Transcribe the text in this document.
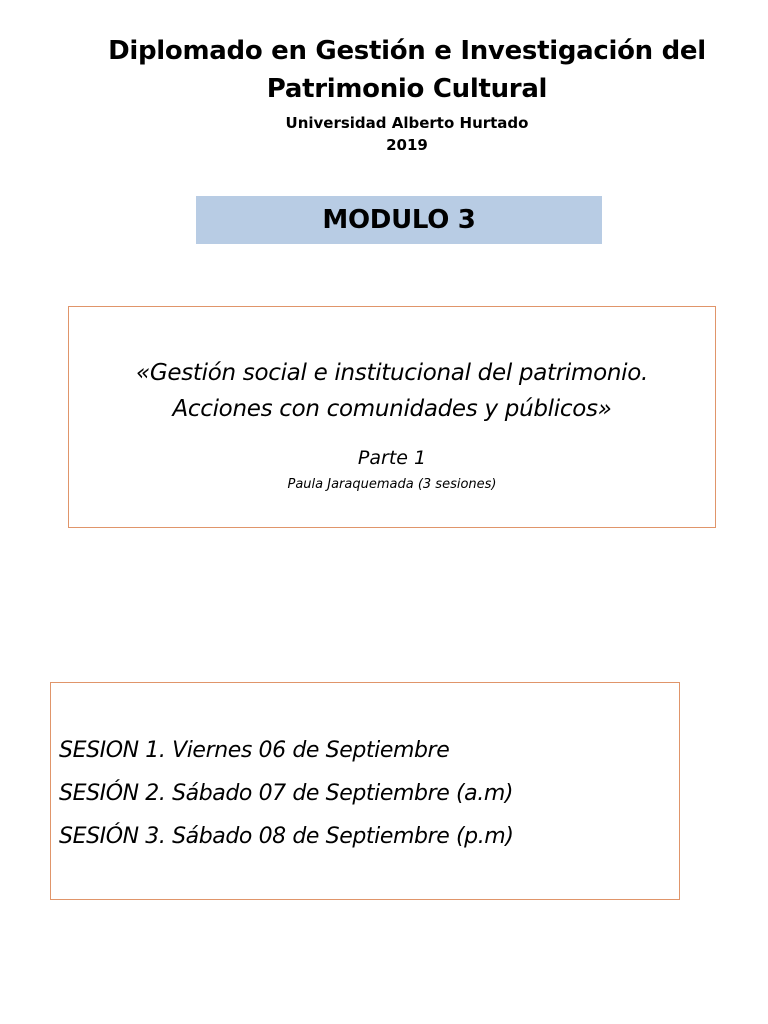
Diplomado en Gestión e Investigación del
Patrimonio Cultural
Universidad Alberto Hurtado
2019
MODULO 3
«Gestión social e institucional del patrimonio.
Acciones con comunidades y públicos»
Parte 1
Paula Jaraquemada (3 sesiones)
SESION 1. Viernes 06 de Septiembre
SESIÓN 2. Sábado 07 de Septiembre (a.m)
SESIÓN 3. Sábado 08 de Septiembre (p.m)
